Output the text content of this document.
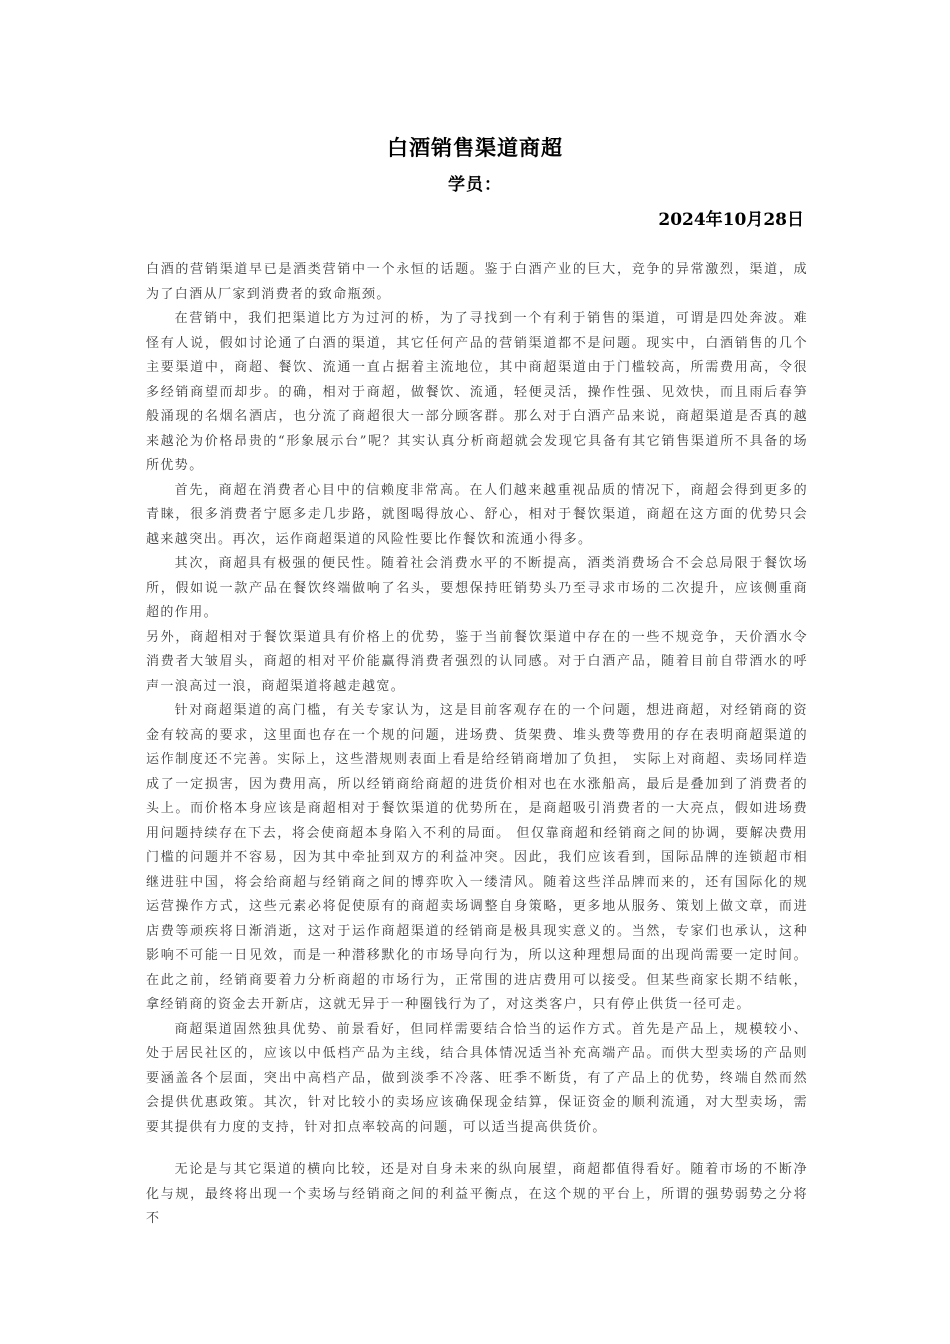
白酒销售渠道商超
学员：
2024年10月28日

白酒的营销渠道早已是酒类营销中一个永恒的话题。鉴于白酒产业的巨大，竞争的异常激烈，渠道，成为了白酒从厂家到消费者的致命瓶颈。

在营销中，我们把渠道比方为过河的桥，为了寻找到一个有利于销售的渠道，可谓是四处奔波。难怪有人说，假如讨论通了白酒的渠道，其它任何产品的营销渠道都不是问题。现实中，白酒销售的几个主要渠道中，商超、餐饮、流通一直占据着主流地位，其中商超渠道由于门槛较高，所需费用高，令很多经销商望而却步。的确，相对于商超，做餐饮、流通，轻便灵活，操作性强、见效快，而且雨后春笋般涌现的名烟名酒店，也分流了商超很大一部分顾客群。那么对于白酒产品来说，商超渠道是否真的越来越沦为价格昂贵的“形象展示台”呢？其实认真分析商超就会发现它具备有其它销售渠道所不具备的场所优势。

首先，商超在消费者心目中的信赖度非常高。在人们越来越重视品质的情况下，商超会得到更多的青睐，很多消费者宁愿多走几步路，就图喝得放心、舒心，相对于餐饮渠道，商超在这方面的优势只会越来越突出。再次，运作商超渠道的风险性要比作餐饮和流通小得多。

其次，商超具有极强的便民性。随着社会消费水平的不断提高，酒类消费场合不会总局限于餐饮场所，假如说一款产品在餐饮终端做响了名头，要想保持旺销势头乃至寻求市场的二次提升，应该侧重商超的作用。

另外，商超相对于餐饮渠道具有价格上的优势，鉴于当前餐饮渠道中存在的一些不规竞争，天价酒水令消费者大皱眉头，商超的相对平价能赢得消费者强烈的认同感。对于白酒产品，随着目前自带酒水的呼声一浪高过一浪，商超渠道将越走越宽。

针对商超渠道的高门槛，有关专家认为，这是目前客观存在的一个问题，想进商超，对经销商的资金有较高的要求，这里面也存在一个规的问题，进场费、货架费、堆头费等费用的存在表明商超渠道的运作制度还不完善。实际上，这些潜规则表面上看是给经销商增加了负担， 实际上对商超、卖场同样造成了一定损害，因为费用高，所以经销商给商超的进货价相对也在水涨船高，最后是叠加到了消费者的头上。而价格本身应该是商超相对于餐饮渠道的优势所在，是商超吸引消费者的一大亮点，假如进场费用问题持续存在下去，将会使商超本身陷入不利的局面。 但仅靠商超和经销商之间的协调，要解决费用门槛的问题并不容易，因为其中牵扯到双方的利益冲突。因此，我们应该看到，国际品牌的连锁超市相继进驻中国，将会给商超与经销商之间的博弈吹入一缕清风。随着这些洋品牌而来的，还有国际化的规运营操作方式，这些元素必将促使原有的商超卖场调整自身策略，更多地从服务、策划上做文章，而进店费等顽疾将日渐消逝，这对于运作商超渠道的经销商是极具现实意义的。当然，专家们也承认，这种影响不可能一日见效，而是一种潜移默化的市场导向行为，所以这种理想局面的出现尚需要一定时间。在此之前，经销商要着力分析商超的市场行为，正常围的进店费用可以接受。但某些商家长期不结帐，拿经销商的资金去开新店，这就无异于一种圈钱行为了，对这类客户，只有停止供货一径可走。

商超渠道固然独具优势、前景看好，但同样需要结合恰当的运作方式。首先是产品上，规模较小、处于居民社区的，应该以中低档产品为主线，结合具体情况适当补充高端产品。而供大型卖场的产品则要涵盖各个层面，突出中高档产品，做到淡季不冷落、旺季不断货，有了产品上的优势，终端自然而然会提供优惠政策。其次，针对比较小的卖场应该确保现金结算，保证资金的顺利流通，对大型卖场，需要其提供有力度的支持，针对扣点率较高的问题，可以适当提高供货价。

无论是与其它渠道的横向比较，还是对自身未来的纵向展望，商超都值得看好。随着市场的不断净化与规，最终将出现一个卖场与经销商之间的利益平衡点，在这个规的平台上，所谓的强势弱势之分将不
